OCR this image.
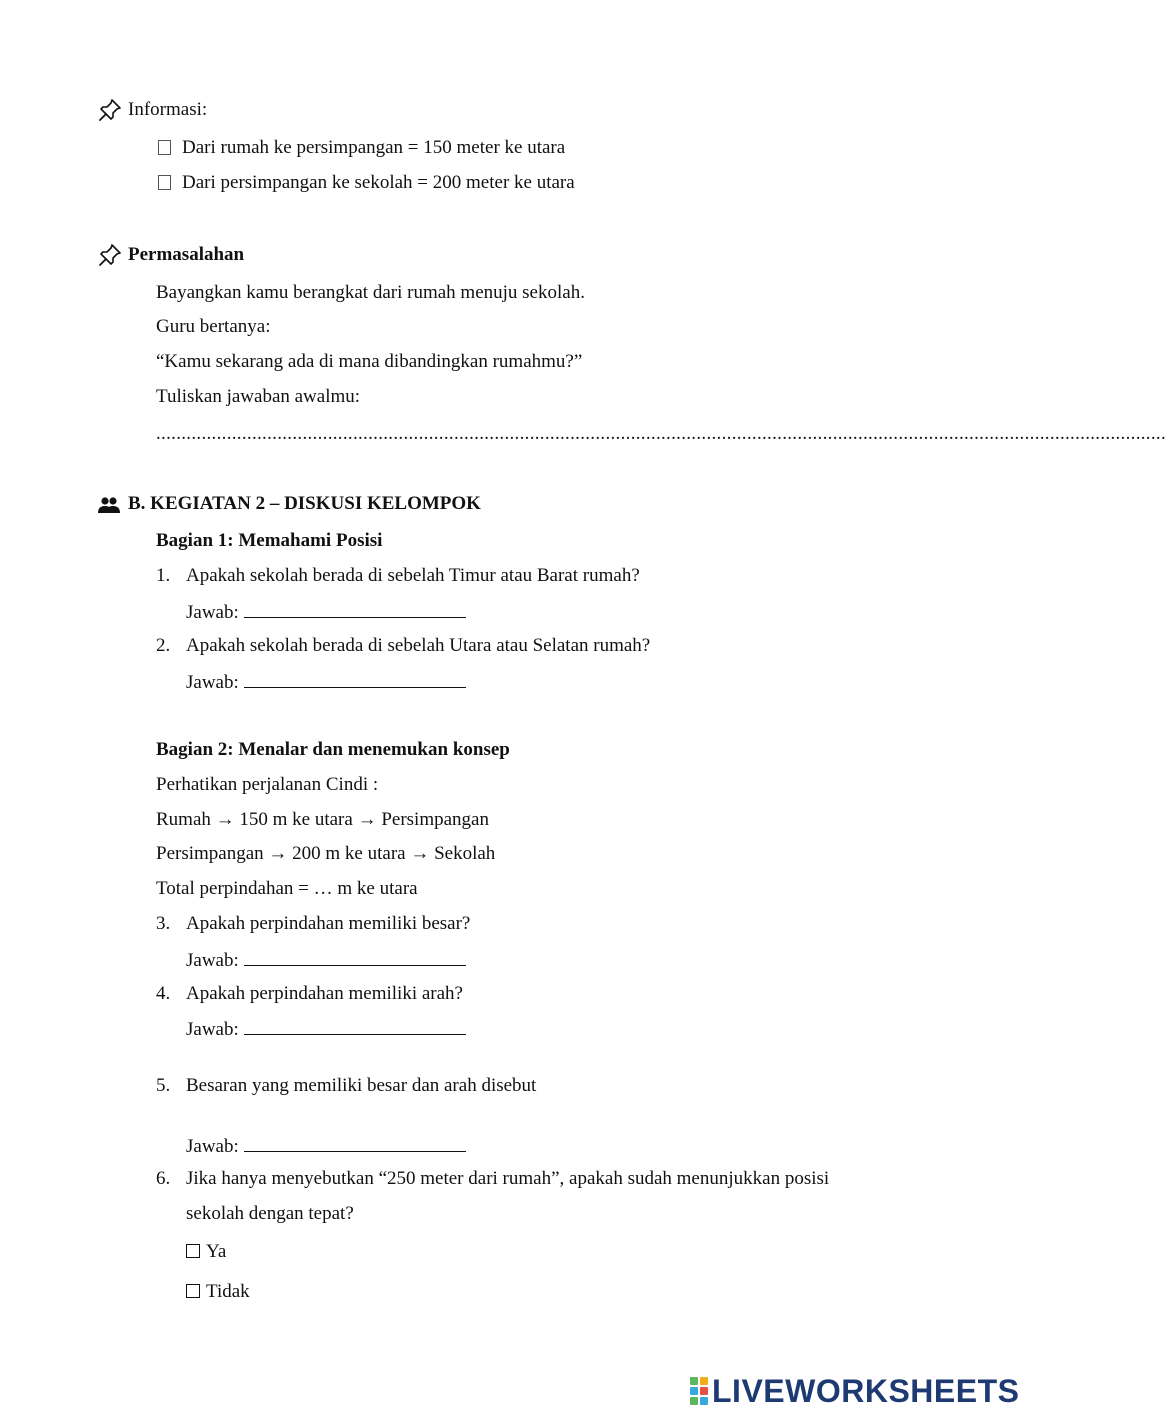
Informasi:
Dari rumah ke persimpangan = 150 meter ke utara
Dari persimpangan ke sekolah = 200 meter ke utara
Permasalahan
Bayangkan kamu berangkat dari rumah menuju sekolah.
Guru bertanya:
“Kamu sekarang ada di mana dibandingkan rumahmu?”
Tuliskan jawaban awalmu:
........................................................................................................................................................................................................
B. KEGIATAN 2 – DISKUSI KELOMPOK
Bagian 1: Memahami Posisi
1. Apakah sekolah berada di sebelah Timur atau Barat rumah?
Jawab:
2. Apakah sekolah berada di sebelah Utara atau Selatan rumah?
Jawab:
Bagian 2: Menalar dan menemukan konsep
Perhatikan perjalanan Cindi :
Rumah → 150 m ke utara → Persimpangan
Persimpangan → 200 m ke utara → Sekolah
Total perpindahan = … m ke utara
3. Apakah perpindahan memiliki besar?
Jawab:
4. Apakah perpindahan memiliki arah?
Jawab:
5. Besaran yang memiliki besar dan arah disebut
Jawab:
6. Jika hanya menyebutkan “250 meter dari rumah”, apakah sudah menunjukkan posisi
sekolah dengan tepat?
Ya
Tidak
LIVEWORKSHEETS
